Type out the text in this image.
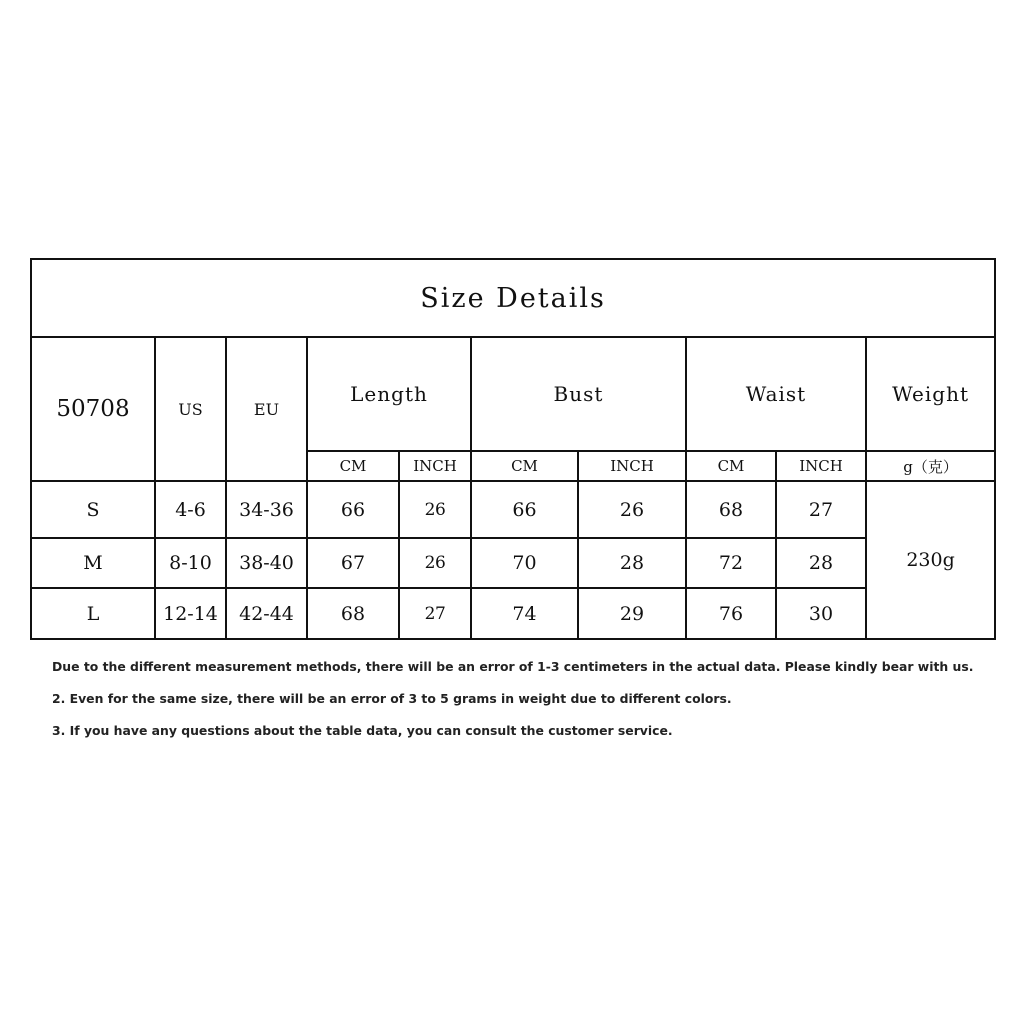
Size Details									
50708	US	EU	Length		Bust		Waist		Weight
			CM	INCH	CM	INCH	CM	INCH	g（克）
S	4-6	34-36	66	26	66	26	68	27	230g
M	8-10	38-40	67	26	70	28	72	28	
L	12-14	42-44	68	27	74	29	76	30	

Due to the different measurement methods, there will be an error of 1-3 centimeters in the actual data. Please kindly bear with us.

2. Even for the same size, there will be an error of 3 to 5 grams in weight due to different colors.

3. If you have any questions about the table data, you can consult the customer service.
